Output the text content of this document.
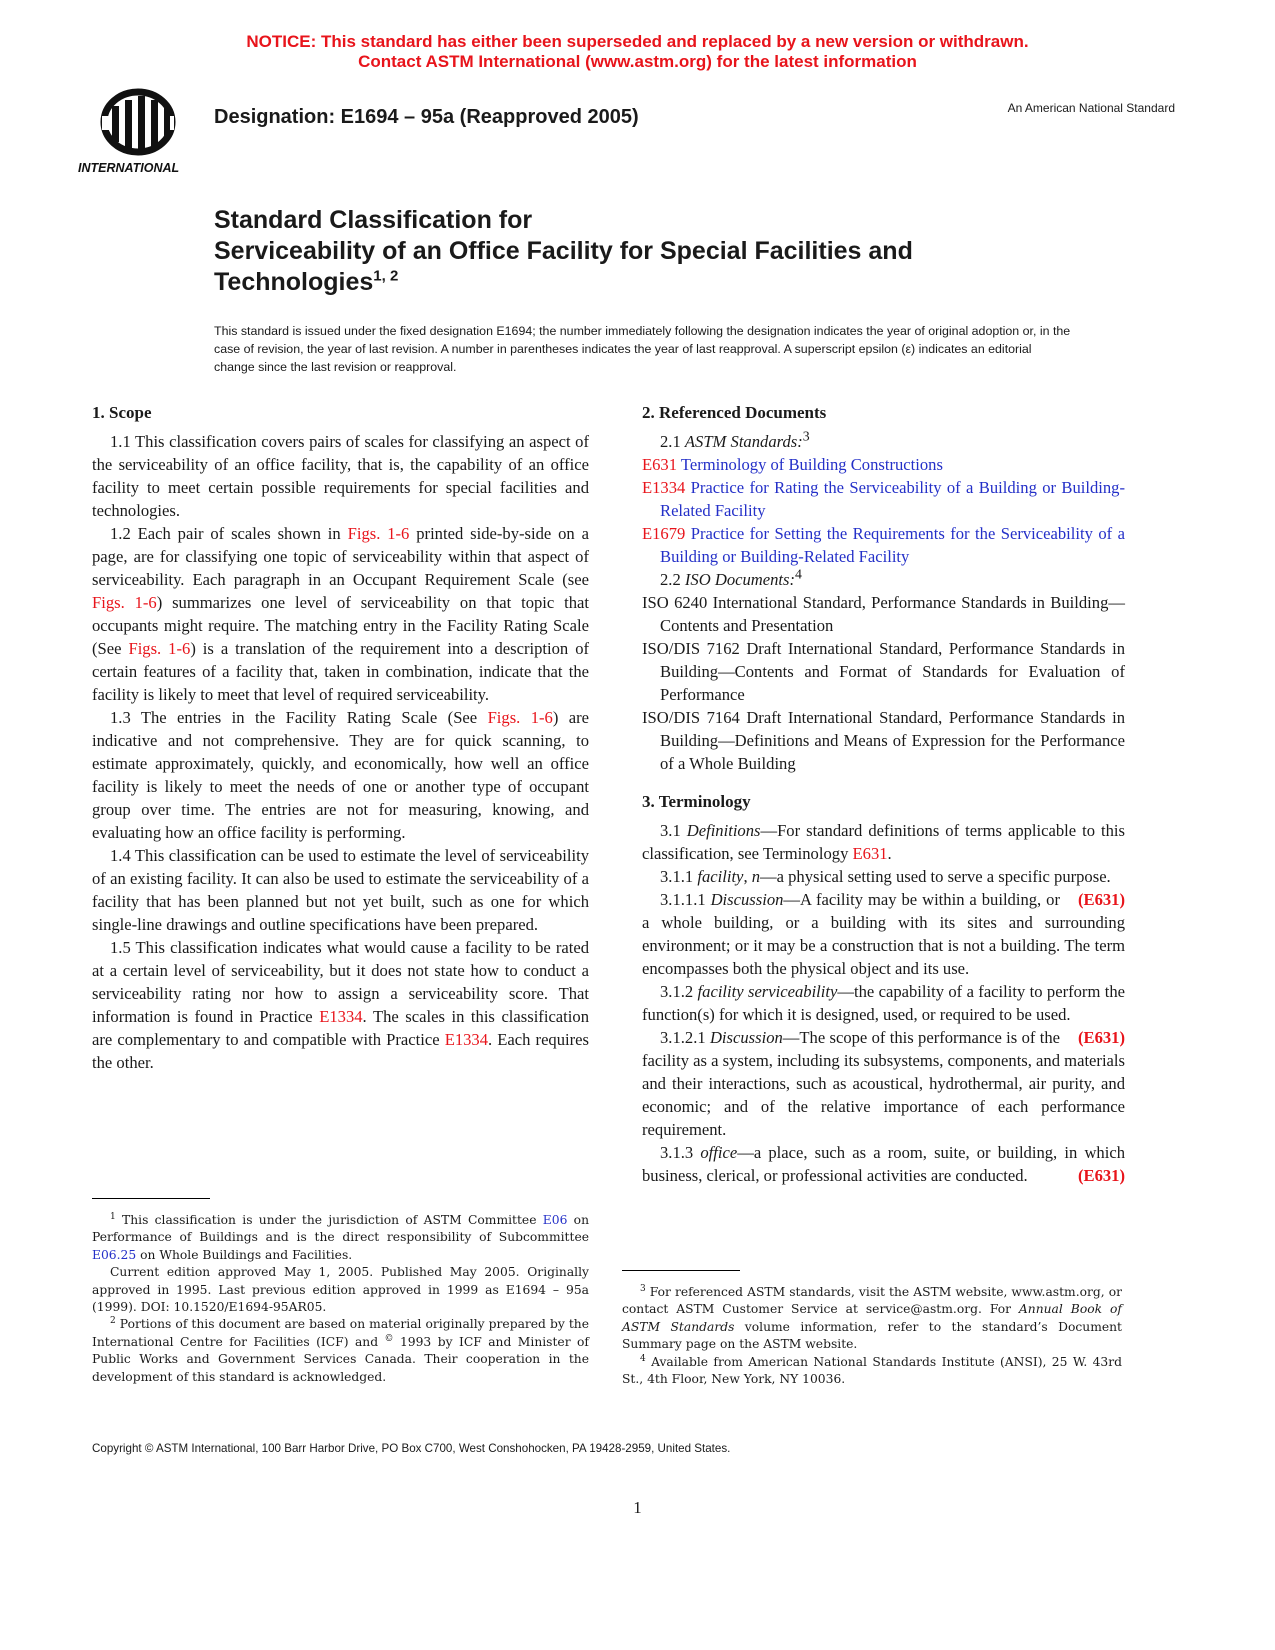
NOTICE: This standard has either been superseded and replaced by a new version or withdrawn.
Contact ASTM International (www.astm.org) for the latest information
INTERNATIONAL
Designation: E1694 – 95a (Reapproved 2005)	An American National Standard
Standard Classification for
Serviceability of an Office Facility for Special Facilities and
Technologies$^{1, 2}$
This standard is issued under the fixed designation E1694; the number immediately following the designation indicates the year of original adoption or, in the case of revision, the year of last revision. A number in parentheses indicates the year of last reapproval. A superscript epsilon (ε) indicates an editorial change since the last revision or reapproval.
1. Scope

1.1 This classification covers pairs of scales for classifying an aspect of the serviceability of an office facility, that is, the capability of an office facility to meet certain possible requirements for special facilities and technologies.

1.2 Each pair of scales shown in Figs. 1-6 printed side-by-side on a page, are for classifying one topic of serviceability within that aspect of serviceability. Each paragraph in an Occupant Requirement Scale (see Figs. 1-6) summarizes one level of serviceability on that topic that occupants might require. The matching entry in the Facility Rating Scale (See Figs. 1-6) is a translation of the requirement into a description of certain features of a facility that, taken in combination, indicate that the facility is likely to meet that level of required serviceability.

1.3 The entries in the Facility Rating Scale (See Figs. 1-6) are indicative and not comprehensive. They are for quick scanning, to estimate approximately, quickly, and economically, how well an office facility is likely to meet the needs of one or another type of occupant group over time. The entries are not for measuring, knowing, and evaluating how an office facility is performing.

1.4 This classification can be used to estimate the level of serviceability of an existing facility. It can also be used to estimate the serviceability of a facility that has been planned but not yet built, such as one for which single-line drawings and outline specifications have been prepared.

1.5 This classification indicates what would cause a facility to be rated at a certain level of serviceability, but it does not state how to conduct a serviceability rating nor how to assign a serviceability score. That information is found in Practice E1334. The scales in this classification are complementary to and compatible with Practice E1334. Each requires the other.

2. Referenced Documents

2.1 ASTM Standards:$^3$

E631 Terminology of Building Constructions
E1334 Practice for Rating the Serviceability of a Building or Building-Related Facility
E1679 Practice for Setting the Requirements for the Serviceability of a Building or Building-Related Facility

2.2 ISO Documents:$^4$

ISO 6240 International Standard, Performance Standards in Building—Contents and Presentation
ISO/DIS 7162 Draft International Standard, Performance Standards in Building—Contents and Format of Standards for Evaluation of Performance
ISO/DIS 7164 Draft International Standard, Performance Standards in Building—Definitions and Means of Expression for the Performance of a Whole Building
3. Terminology

3.1 Definitions—For standard definitions of terms applicable to this classification, see Terminology E631.

3.1.1 facility, n—a physical setting used to serve a specific purpose.
(E631)

3.1.1.1 Discussion—A facility may be within a building, or a whole building, or a building with its sites and surrounding environment; or it may be a construction that is not a building. The term encompasses both the physical object and its use.

3.1.2 facility serviceability—the capability of a facility to perform the function(s) for which it is designed, used, or required to be used.
(E631)

3.1.2.1 Discussion—The scope of this performance is of the facility as a system, including its subsystems, components, and materials and their interactions, such as acoustical, hydrothermal, air purity, and economic; and of the relative importance of each performance requirement.

3.1.3 office—a place, such as a room, suite, or building, in which business, clerical, or professional activities are conducted.	(E631)

$^1$ This classification is under the jurisdiction of ASTM Committee E06 on Performance of Buildings and is the direct responsibility of Subcommittee E06.25 on Whole Buildings and Facilities.

Current edition approved May 1, 2005. Published May 2005. Originally approved in 1995. Last previous edition approved in 1999 as E1694 – 95a (1999). DOI: 10.1520/E1694-95AR05.

$^2$ Portions of this document are based on material originally prepared by the International Centre for Facilities (ICF) and © 1993 by ICF and Minister of Public Works and Government Services Canada. Their cooperation in the development of this standard is acknowledged.

$^3$ For referenced ASTM standards, visit the ASTM website, www.astm.org, or contact ASTM Customer Service at service@astm.org. For Annual Book of ASTM Standards volume information, refer to the standard’s Document Summary page on the ASTM website.

$^4$ Available from American National Standards Institute (ANSI), 25 W. 43rd St., 4th Floor, New York, NY 10036.

Copyright © ASTM International, 100 Barr Harbor Drive, PO Box C700, West Conshohocken, PA 19428-2959, United States.
1
